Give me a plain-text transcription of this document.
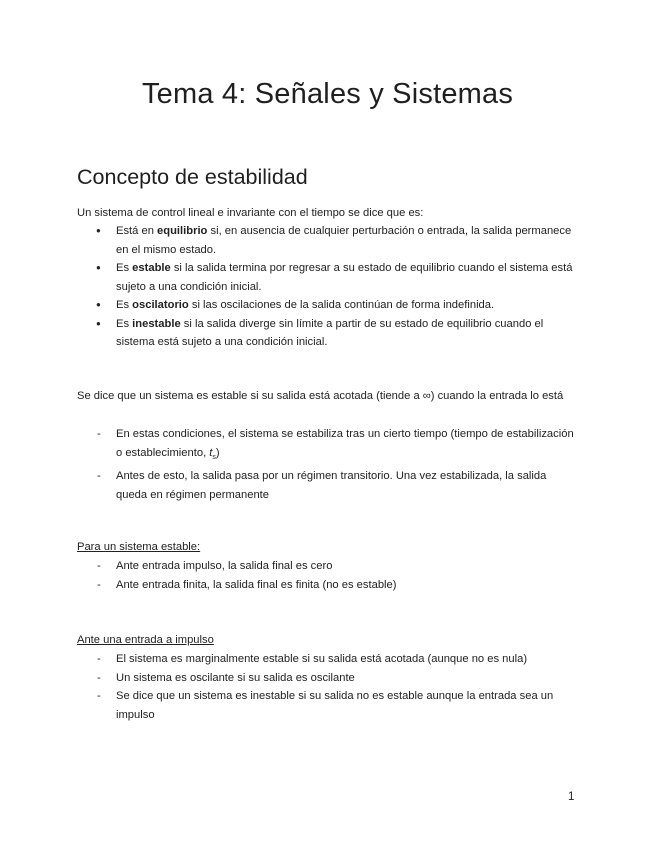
Tema 4: Señales y Sistemas
Concepto de estabilidad

Un sistema de control lineal e invariante con el tiempo se dice que es:

● Está en equilibrio si, en ausencia de cualquier perturbación o entrada, la salida permanece en el mismo estado.
● Es estable si la salida termina por regresar a su estado de equilibrio cuando el sistema está sujeto a una condición inicial.
● Es oscilatorio si las oscilaciones de la salida continúan de forma indefinida.
● Es inestable si la salida diverge sin límite a partir de su estado de equilibrio cuando el sistema está sujeto a una condición inicial.

Se dice que un sistema es estable si su salida está acotada (tiende a ∞) cuando la entrada lo está

- En estas condiciones, el sistema se estabiliza tras un cierto tiempo (tiempo de estabilización o establecimiento, $t_s$)
- Antes de esto, la salida pasa por un régimen transitorio. Una vez estabilizada, la salida queda en régimen permanente

Para un sistema estable:

- Ante entrada impulso, la salida final es cero
- Ante entrada finita, la salida final es finita (no es estable)

Ante una entrada a impulso

- El sistema es marginalmente estable si su salida está acotada (aunque no es nula)
- Un sistema es oscilante si su salida es oscilante
- Se dice que un sistema es inestable si su salida no es estable aunque la entrada sea un impulso
1
